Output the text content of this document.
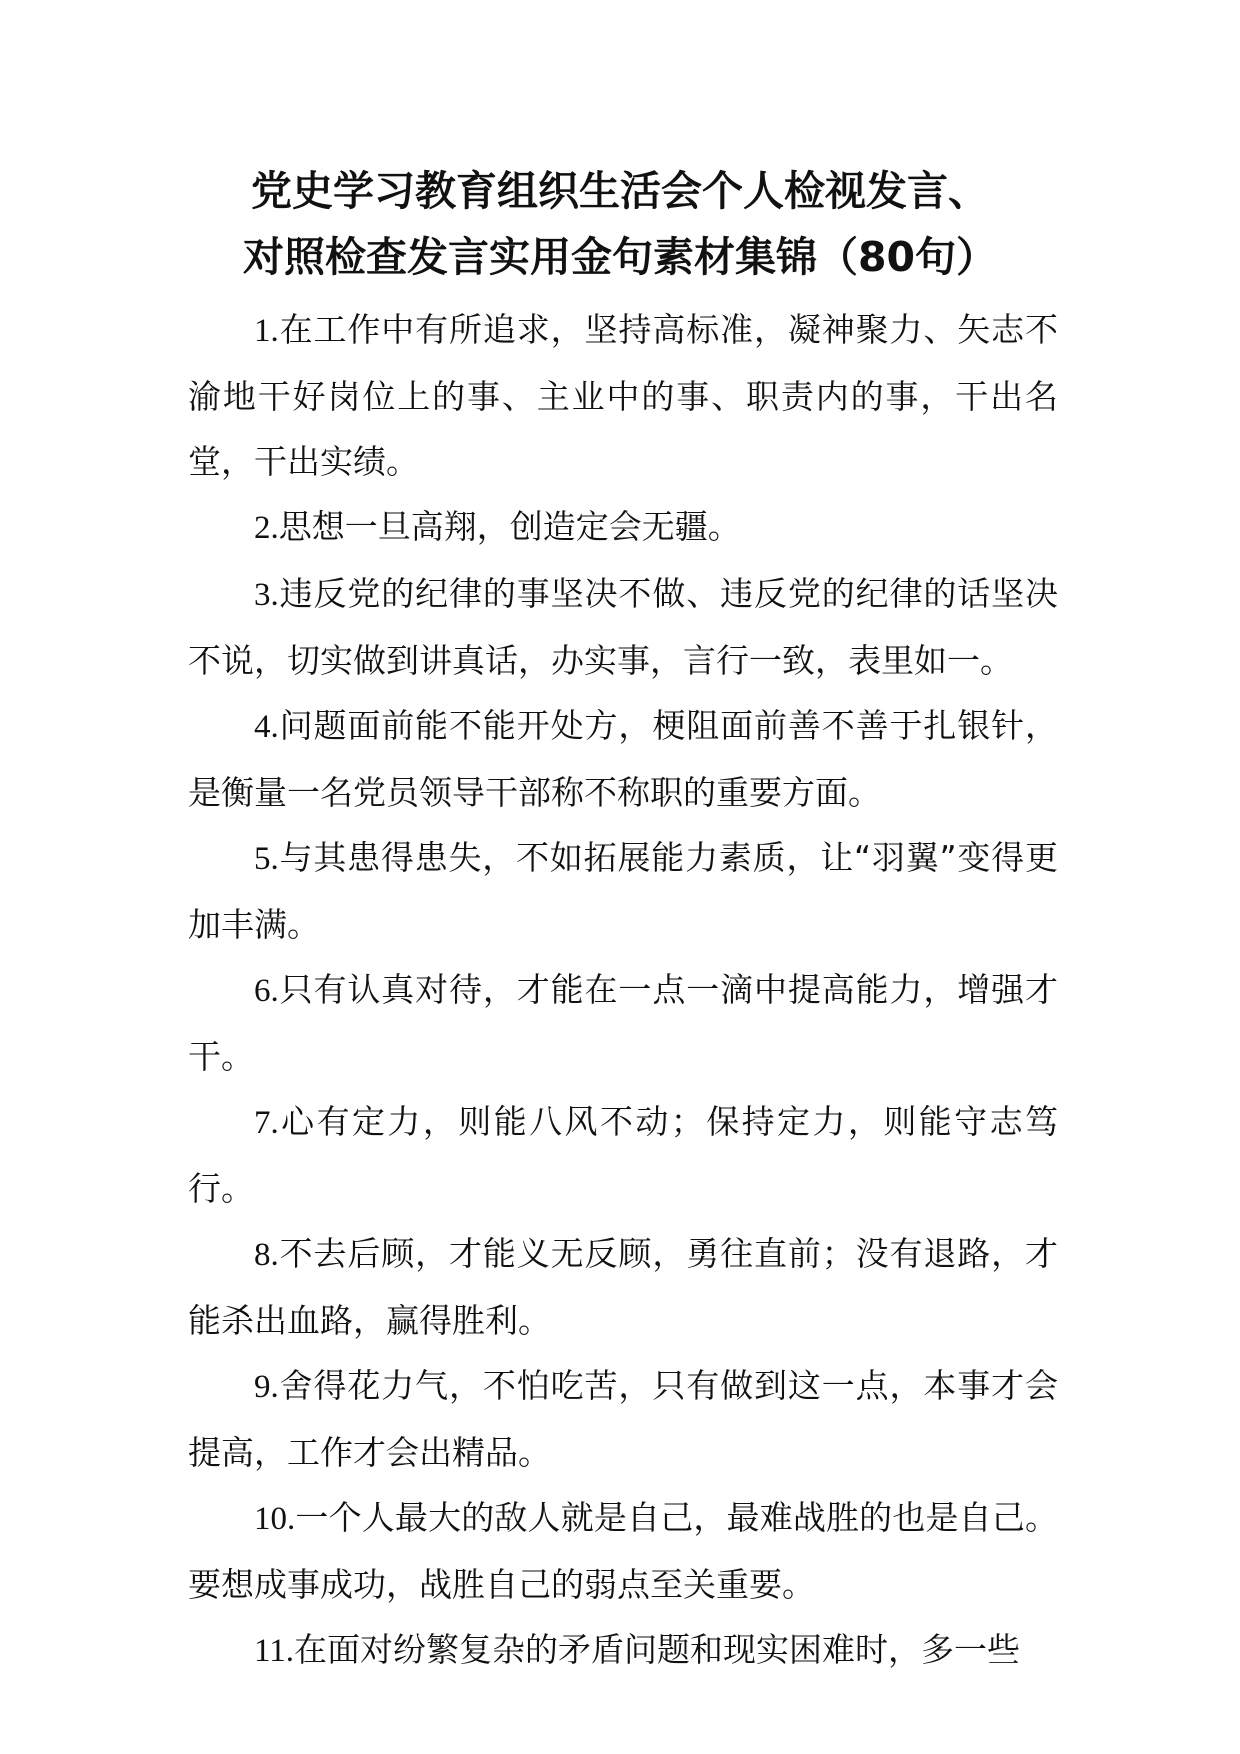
党史学习教育组织生活会个人检视发言、
对照检查发言实用金句素材集锦（80句）

1.在工作中有所追求，坚持高标准，凝神聚力、矢志不渝地干好岗位上的事、主业中的事、职责内的事，干出名堂，干出实绩。

2.思想一旦高翔，创造定会无疆。

3.违反党的纪律的事坚决不做、违反党的纪律的话坚决不说，切实做到讲真话，办实事，言行一致，表里如一。

4.问题面前能不能开处方，梗阻面前善不善于扎银针，是衡量一名党员领导干部称不称职的重要方面。

5.与其患得患失，不如拓展能力素质，让“羽翼”变得更加丰满。

6.只有认真对待，才能在一点一滴中提高能力，增强才干。

7.心有定力，则能八风不动；保持定力，则能守志笃行。

8.不去后顾，才能义无反顾，勇往直前；没有退路，才能杀出血路，赢得胜利。

9.舍得花力气，不怕吃苦，只有做到这一点，本事才会提高，工作才会出精品。

10.一个人最大的敌人就是自己，最难战胜的也是自己。要想成事成功，战胜自己的弱点至关重要。

11.在面对纷繁复杂的矛盾问题和现实困难时，多一些
